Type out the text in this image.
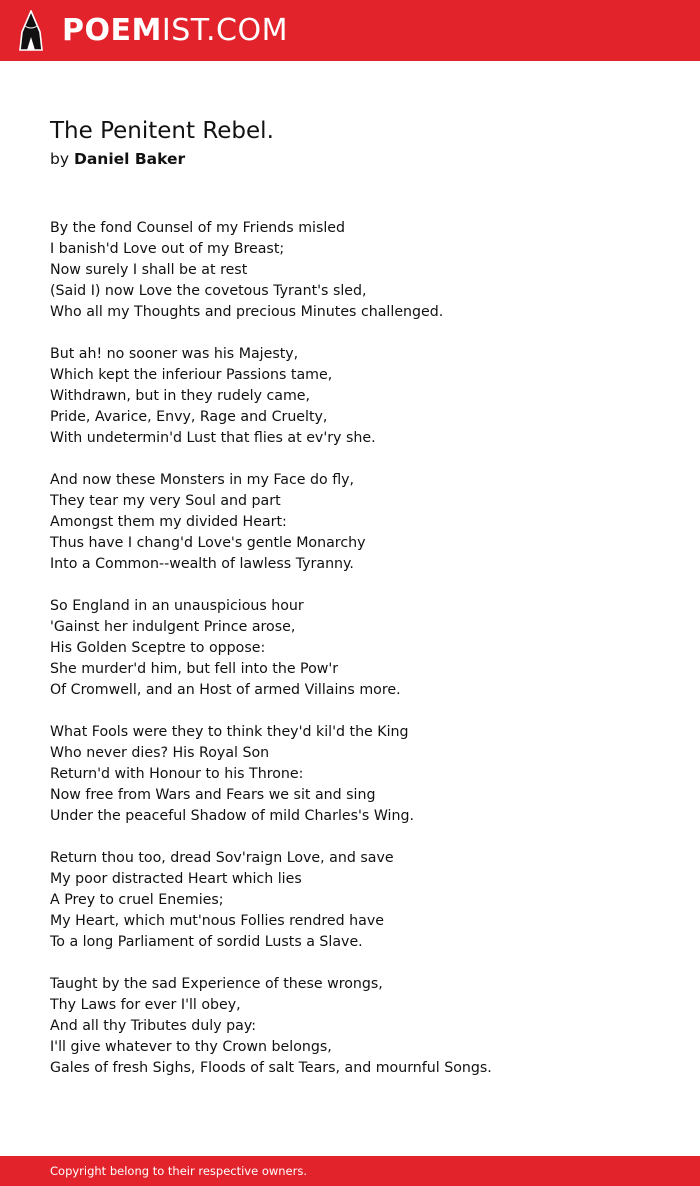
POEMIST.COM
The Penitent Rebel.
by Daniel Baker
By the fond Counsel of my Friends misled
I banish'd Love out of my Breast;
Now surely I shall be at rest
(Said I) now Love the covetous Tyrant's sled,
Who all my Thoughts and precious Minutes challenged.
But ah! no sooner was his Majesty,
Which kept the inferiour Passions tame,
Withdrawn, but in they rudely came,
Pride, Avarice, Envy, Rage and Cruelty,
With undetermin'd Lust that flies at ev'ry she.
And now these Monsters in my Face do fly,
They tear my very Soul and part
Amongst them my divided Heart:
Thus have I chang'd Love's gentle Monarchy
Into a Common--wealth of lawless Tyranny.
So England in an unauspicious hour
'Gainst her indulgent Prince arose,
His Golden Sceptre to oppose:
She murder'd him, but fell into the Pow'r
Of Cromwell, and an Host of armed Villains more.
What Fools were they to think they'd kil'd the King
Who never dies? His Royal Son
Return'd with Honour to his Throne:
Now free from Wars and Fears we sit and sing
Under the peaceful Shadow of mild Charles's Wing.
Return thou too, dread Sov'raign Love, and save
My poor distracted Heart which lies
A Prey to cruel Enemies;
My Heart, which mut'nous Follies rendred have
To a long Parliament of sordid Lusts a Slave.
Taught by the sad Experience of these wrongs,
Thy Laws for ever I'll obey,
And all thy Tributes duly pay:
I'll give whatever to thy Crown belongs,
Gales of fresh Sighs, Floods of salt Tears, and mournful Songs.
Copyright belong to their respective owners.
